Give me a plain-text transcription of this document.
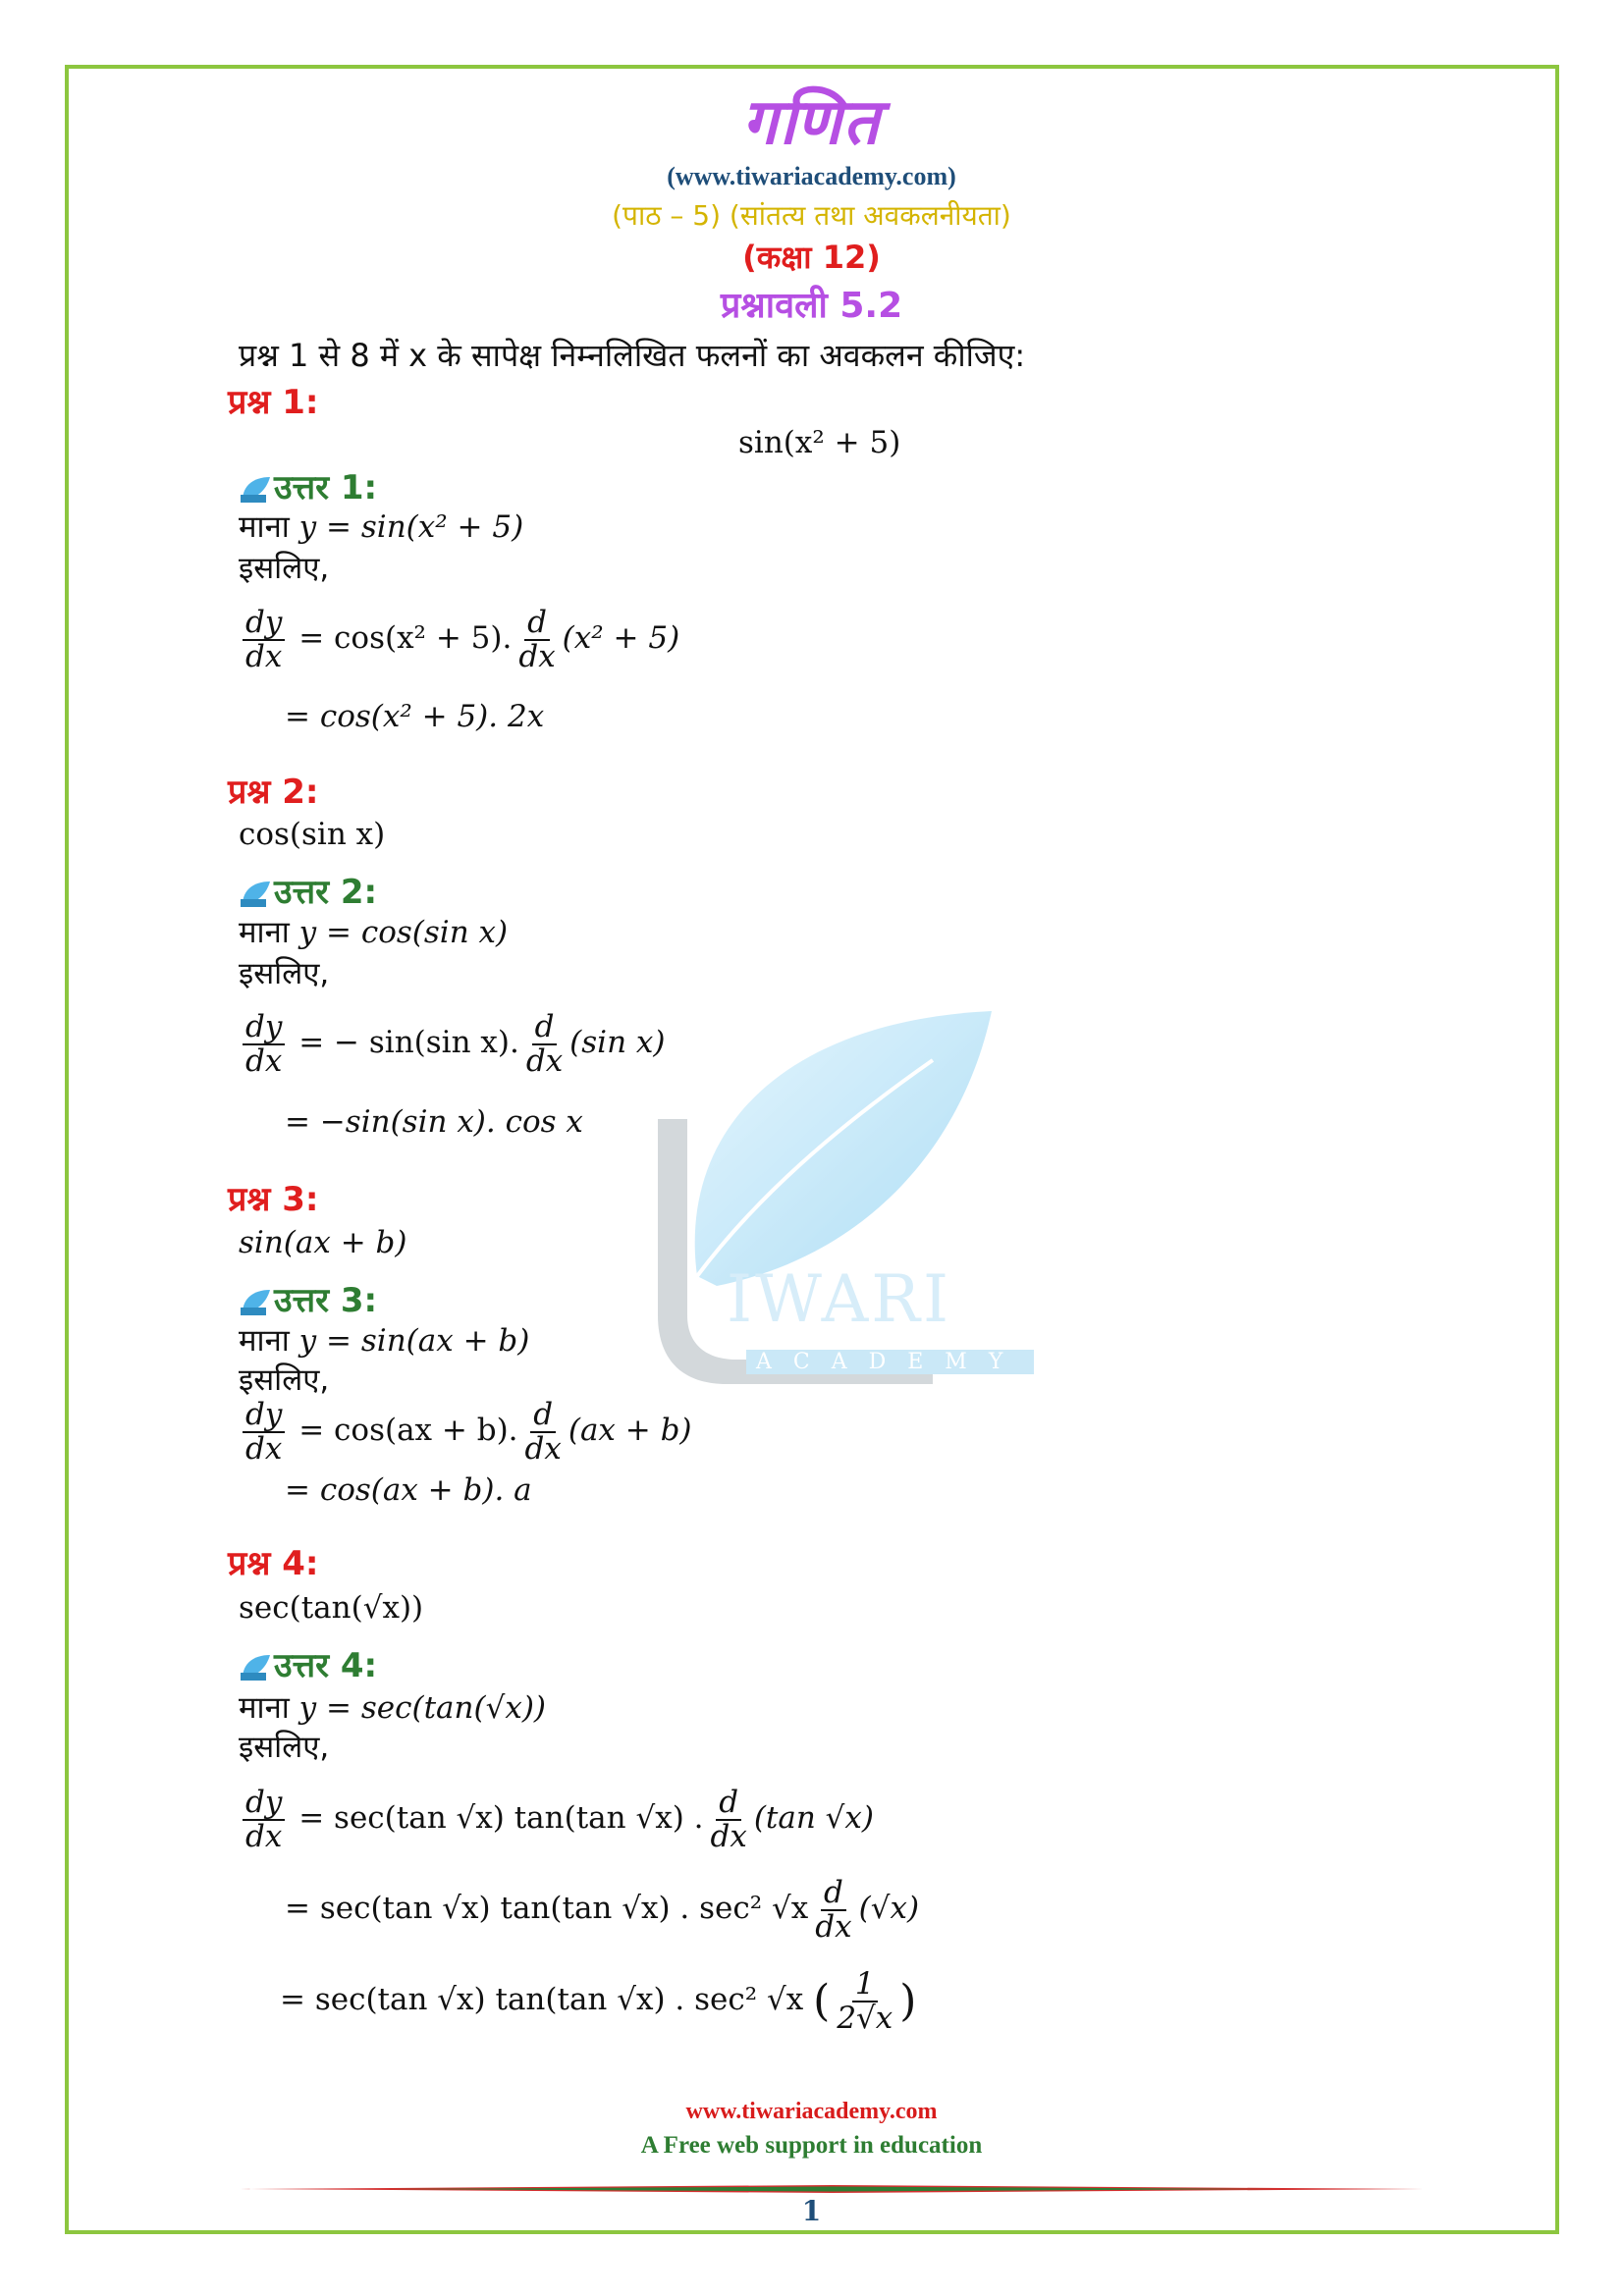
IWARI
ACADEMY
गणित
(www.tiwariacademy.com)
(पाठ – 5) (सांतत्य तथा अवकलनीयता)
(कक्षा 12)
प्रश्नावली 5.2
प्रश्न 1 से 8 में x के सापेक्ष निम्नलिखित फलनों का अवकलन कीजिए:
प्रश्न 1:
sin(x² + 5)
उत्तर 1:
माना y = sin(x² + 5)
इसलिए,
$\frac{dy}{dx} = \cos(x^2 + 5)$. $\frac{d}{dx} (x^2 + 5)$
= cos(x² + 5). 2x
प्रश्न 2:
cos(sin x)
उत्तर 2:
माना y = cos(sin x)
इसलिए,
$\frac{dy}{dx}$ = − sin(sin x). $\frac{d}{dx} (\sin$ x)
= −sin(sin x). cos x
प्रश्न 3:
sin(ax + b)
उत्तर 3:
माना y = sin(ax + b)
इसलिए,
$\frac{dy}{dx} = \cos(ax + b)$. $\frac{d}{dx} (ax + b)$
= cos(ax + b). a
प्रश्न 4:
sec(tan(√x))
उत्तर 4:
माना y = sec(tan(√x))
इसलिए,
$\frac{dy}{dx} = \sec(\tan$ √x) tan(tan √x) . $\frac{d}{dx} (\tan$ √x)
= sec(tan √x) tan(tan √x) . sec² $√x \frac{d}{dx} (√x)$
= sec(tan √x) tan(tan √x) . sec² √x ( $\frac{1}{2√x}$ )
www.tiwariacademy.com
A Free web support in education
1
